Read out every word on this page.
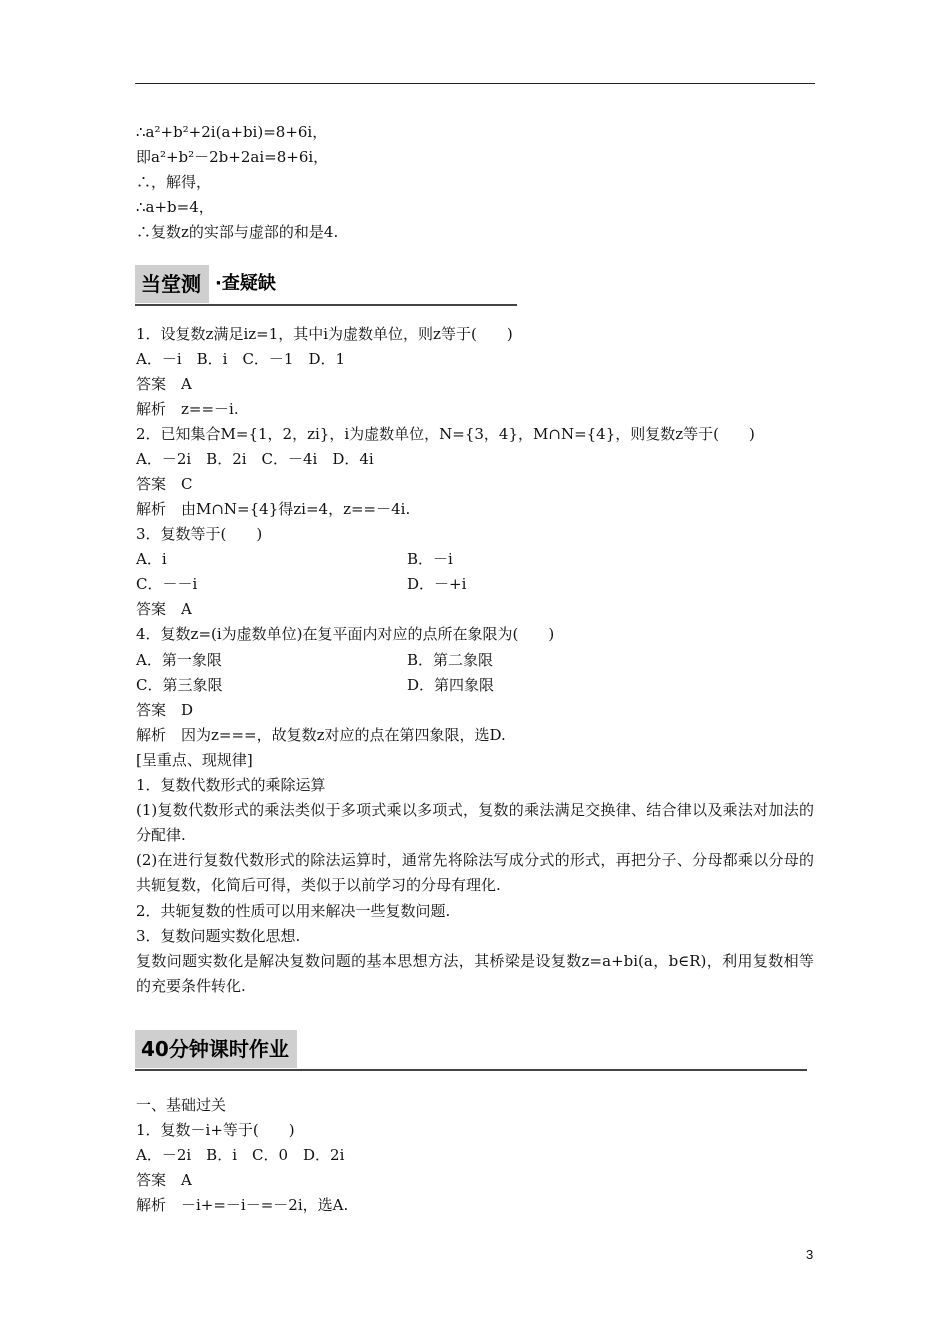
∴a²+b²+2i(a+bi)=8+6i，
即a²+b²－2b+2ai=8+6i，
∴，解得，
∴a+b=4，
∴复数z的实部与虚部的和是4.
当堂测 ·查疑缺
1．设复数z满足iz=1，其中i为虚数单位，则z等于(　　)
A．－i　B．i　C．－1　D．1
答案　A
解析　z==－i.
2．已知集合M={1，2，zi}，i为虚数单位，N={3，4}，M∩N={4}，则复数z等于(　　)
A．－2i　B．2i　C．－4i　D．4i
答案　C
解析　由M∩N={4}得zi=4，z==－4i.
3．复数等于(　　)
A．i	B．－i
C．－－i	D．－+i
答案　A
4．复数z=(i为虚数单位)在复平面内对应的点所在象限为(　　)
A．第一象限	B．第二象限
C．第三象限	D．第四象限
答案　D
解析　因为z===，故复数z对应的点在第四象限，选D.
[呈重点、现规律]
1．复数代数形式的乘除运算
(1)复数代数形式的乘法类似于多项式乘以多项式，复数的乘法满足交换律、结合律以及乘法对加法的分配律.
(2)在进行复数代数形式的除法运算时，通常先将除法写成分式的形式，再把分子、分母都乘以分母的共轭复数，化简后可得，类似于以前学习的分母有理化.
2．共轭复数的性质可以用来解决一些复数问题.
3．复数问题实数化思想.
复数问题实数化是解决复数问题的基本思想方法，其桥梁是设复数z=a+bi(a，b∈R)，利用复数相等的充要条件转化.
40分钟课时作业
一、基础过关
1．复数－i+等于(　　)
A．－2i　B．i　C．0　D．2i
答案　A
解析　－i+=－i－=－2i，选A.
3
